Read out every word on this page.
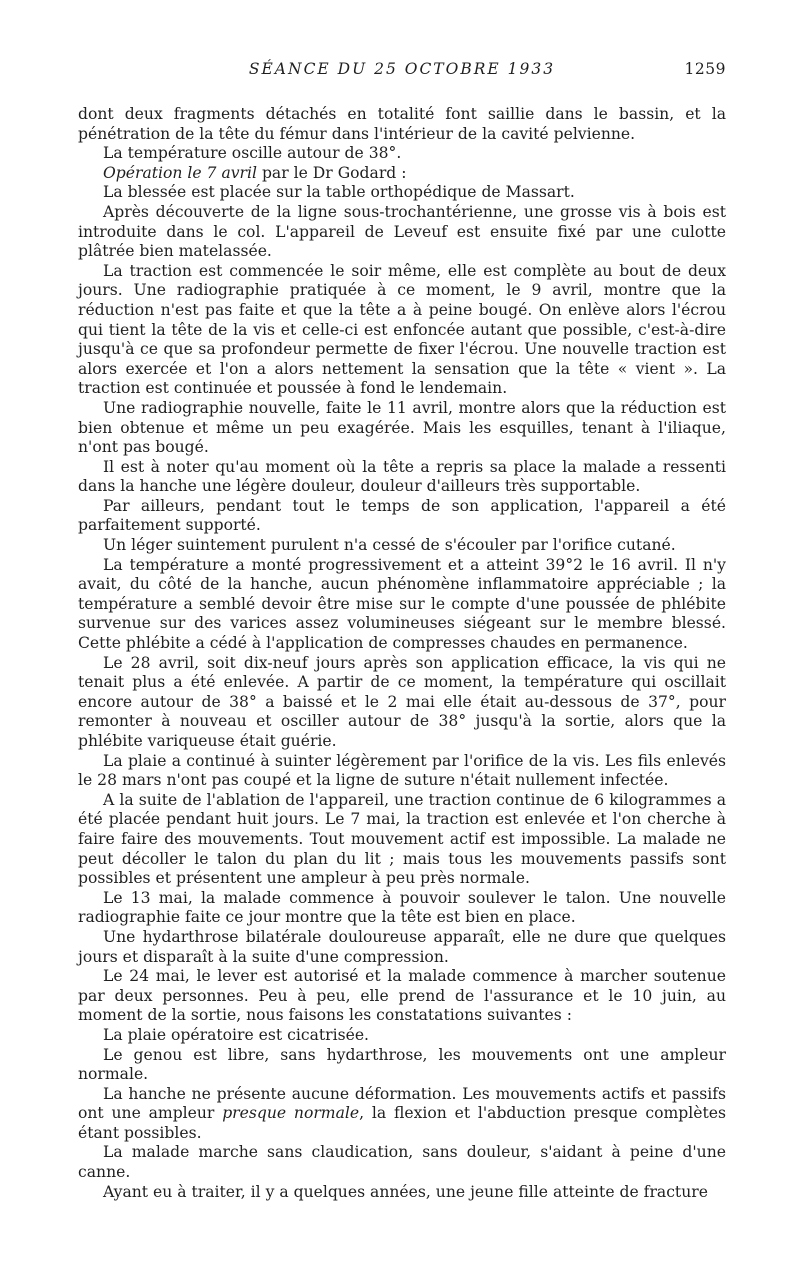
SÉANCE DU 25 OCTOBRE 1933	1259

dont deux fragments détachés en totalité font saillie dans le bassin, et la pénétration de la tête du fémur dans l'intérieur de la cavité pelvienne.

La température oscille autour de 38°.

Opération le 7 avril par le Dr Godard :

La blessée est placée sur la table orthopédique de Massart.

Après découverte de la ligne sous-trochantérienne, une grosse vis à bois est introduite dans le col. L'appareil de Leveuf est ensuite fixé par une culotte plâtrée bien matelassée.

La traction est commencée le soir même, elle est complète au bout de deux jours. Une radiographie pratiquée à ce moment, le 9 avril, montre que la réduction n'est pas faite et que la tête a à peine bougé. On enlève alors l'écrou qui tient la tête de la vis et celle-ci est enfoncée autant que possible, c'est-à-dire jusqu'à ce que sa profondeur permette de fixer l'écrou. Une nouvelle traction est alors exercée et l'on a alors nettement la sensation que la tête « vient ». La traction est continuée et poussée à fond le lendemain.

Une radiographie nouvelle, faite le 11 avril, montre alors que la réduction est bien obtenue et même un peu exagérée. Mais les esquilles, tenant à l'iliaque, n'ont pas bougé.

Il est à noter qu'au moment où la tête a repris sa place la malade a ressenti dans la hanche une légère douleur, douleur d'ailleurs très supportable.

Par ailleurs, pendant tout le temps de son application, l'appareil a été parfaitement supporté.

Un léger suintement purulent n'a cessé de s'écouler par l'orifice cutané.

La température a monté progressivement et a atteint 39°2 le 16 avril. Il n'y avait, du côté de la hanche, aucun phénomène inflammatoire appréciable ; la température a semblé devoir être mise sur le compte d'une poussée de phlébite survenue sur des varices assez volumineuses siégeant sur le membre blessé. Cette phlébite a cédé à l'application de compresses chaudes en permanence.

Le 28 avril, soit dix-neuf jours après son application efficace, la vis qui ne tenait plus a été enlevée. A partir de ce moment, la température qui oscillait encore autour de 38° a baissé et le 2 mai elle était au-dessous de 37°, pour remonter à nouveau et osciller autour de 38° jusqu'à la sortie, alors que la phlébite variqueuse était guérie.

La plaie a continué à suinter légèrement par l'orifice de la vis. Les fils enlevés le 28 mars n'ont pas coupé et la ligne de suture n'était nullement infectée.

A la suite de l'ablation de l'appareil, une traction continue de 6 kilogrammes a été placée pendant huit jours. Le 7 mai, la traction est enlevée et l'on cherche à faire faire des mouvements. Tout mouvement actif est impossible. La malade ne peut décoller le talon du plan du lit ; mais tous les mouvements passifs sont possibles et présentent une ampleur à peu près normale.

Le 13 mai, la malade commence à pouvoir soulever le talon. Une nouvelle radiographie faite ce jour montre que la tête est bien en place.

Une hydarthrose bilatérale douloureuse apparaît, elle ne dure que quelques jours et disparaît à la suite d'une compression.

Le 24 mai, le lever est autorisé et la malade commence à marcher soutenue par deux personnes. Peu à peu, elle prend de l'assurance et le 10 juin, au moment de la sortie, nous faisons les constatations suivantes :

La plaie opératoire est cicatrisée.

Le genou est libre, sans hydarthrose, les mouvements ont une ampleur normale.

La hanche ne présente aucune déformation. Les mouvements actifs et passifs ont une ampleur presque normale, la flexion et l'abduction presque complètes étant possibles.

La malade marche sans claudication, sans douleur, s'aidant à peine d'une canne.

Ayant eu à traiter, il y a quelques années, une jeune fille atteinte de fracture
